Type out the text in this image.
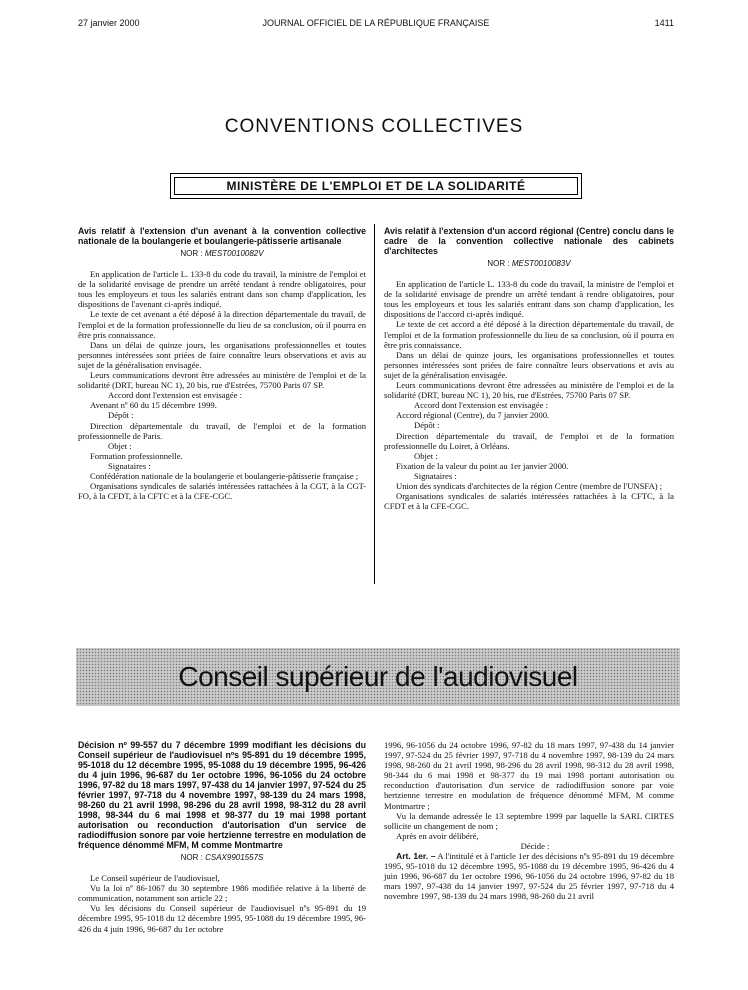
27 janvier 2000	JOURNAL OFFICIEL DE LA RÉPUBLIQUE FRANÇAISE	1411
CONVENTIONS COLLECTIVES
MINISTÈRE DE L'EMPLOI ET DE LA SOLIDARITÉ
Avis relatif à l'extension d'un avenant à la convention collective nationale de la boulangerie et boulangerie-pâtisserie artisanale
NOR : MEST0010082V

En application de l'article L. 133-8 du code du travail, la ministre de l'emploi et de la solidarité envisage de prendre un arrêté tendant à rendre obligatoires, pour tous les employeurs et tous les salariés entrant dans son champ d'application, les dispositions de l'avenant ci-après indiqué.

Le texte de cet avenant a été déposé à la direction départementale du travail, de l'emploi et de la formation professionnelle du lieu de sa conclusion, où il pourra en être pris connaissance.

Dans un délai de quinze jours, les organisations professionnelles et toutes personnes intéressées sont priées de faire connaître leurs observations et avis au sujet de la généralisation envisagée.

Leurs communications devront être adressées au ministère de l'emploi et de la solidarité (DRT, bureau NC 1), 20 bis, rue d'Estrées, 75700 Paris 07 SP.

Accord dont l'extension est envisagée :

Avenant nº 60 du 15 décembre 1999.

Dépôt :

Direction départementale du travail, de l'emploi et de la formation professionnelle de Paris.

Objet :

Formation professionnelle.

Signataires :

Confédération nationale de la boulangerie et boulangerie-pâtisserie française ;

Organisations syndicales de salariés intéressées rattachées à la CGT, à la CGT-FO, à la CFDT, à la CFTC et à la CFE-CGC.

Avis relatif à l'extension d'un accord régional (Centre) conclu dans le cadre de la convention collective nationale des cabinets d'architectes
NOR : MEST0010083V

En application de l'article L. 133-8 du code du travail, la ministre de l'emploi et de la solidarité envisage de prendre un arrêté tendant à rendre obligatoires, pour tous les employeurs et tous les salariés entrant dans son champ d'application, les dispositions de l'accord ci-après indiqué.

Le texte de cet accord a été déposé à la direction départementale du travail, de l'emploi et de la formation professionnelle du lieu de sa conclusion, où il pourra en être pris connaissance.

Dans un délai de quinze jours, les organisations professionnelles et toutes personnes intéressées sont priées de faire connaître leurs observations et avis au sujet de la généralisation envisagée.

Leurs communications devront être adressées au ministère de l'emploi et de la solidarité (DRT, bureau NC 1), 20 bis, rue d'Estrées, 75700 Paris 07 SP.

Accord dont l'extension est envisagée :

Accord régional (Centre), du 7 janvier 2000.

Dépôt :

Direction départementale du travail, de l'emploi et de la formation professionnelle du Loiret, à Orléans.

Objet :

Fixation de la valeur du point au 1er janvier 2000.

Signataires :

Union des syndicats d'architectes de la région Centre (membre de l'UNSFA) ;

Organisations syndicales de salariés intéressées rattachées à la CFTC, à la CFDT et à la CFE-CGC.

Conseil supérieur de l'audiovisuel
Décision nº 99-557 du 7 décembre 1999 modifiant les décisions du Conseil supérieur de l'audiovisuel nºs 95-891 du 19 décembre 1995, 95-1018 du 12 décembre 1995, 95-1088 du 19 décembre 1995, 96-426 du 4 juin 1996, 96-687 du 1er octobre 1996, 96-1056 du 24 octobre 1996, 97-82 du 18 mars 1997, 97-438 du 14 janvier 1997, 97-524 du 25 février 1997, 97-718 du 4 novembre 1997, 98-139 du 24 mars 1998, 98-260 du 21 avril 1998, 98-296 du 28 avril 1998, 98-312 du 28 avril 1998, 98-344 du 6 mai 1998 et 98-377 du 19 mai 1998 portant autorisation ou reconduction d'autorisation d'un service de radiodiffusion sonore par voie hertzienne terrestre en modulation de fréquence dénommé MFM, M comme Montmartre
NOR : CSAX9901557S

Le Conseil supérieur de l'audiovisuel,

Vu la loi nº 86-1067 du 30 septembre 1986 modifiée relative à la liberté de communication, notamment son article 22 ;

Vu les décisions du Conseil supérieur de l'audiovisuel nºs 95-891 du 19 décembre 1995, 95-1018 du 12 décembre 1995, 95-1088 du 19 décembre 1995, 96-426 du 4 juin 1996, 96-687 du 1er octobre

1996, 96-1056 du 24 octobre 1996, 97-82 du 18 mars 1997, 97-438 du 14 janvier 1997, 97-524 du 25 février 1997, 97-718 du 4 novembre 1997, 98-139 du 24 mars 1998, 98-260 du 21 avril 1998, 98-296 du 28 avril 1998, 98-312 du 28 avril 1998, 98-344 du 6 mai 1998 et 98-377 du 19 mai 1998 portant autorisation ou reconduction d'autorisation d'un service de radiodiffusion sonore par voie hertzienne terrestre en modulation de fréquence dénommé MFM, M comme Montmartre ;

Vu la demande adressée le 13 septembre 1999 par laquelle la SARL CIRTES sollicite un changement de nom ;

Après en avoir délibéré,

Décide :

Art. 1er. – A l'intitulé et à l'article 1er des décisions nºs 95-891 du 19 décembre 1995, 95-1018 du 12 décembre 1995, 95-1088 du 19 décembre 1995, 96-426 du 4 juin 1996, 96-687 du 1er octobre 1996, 96-1056 du 24 octobre 1996, 97-82 du 18 mars 1997, 97-438 du 14 janvier 1997, 97-524 du 25 février 1997, 97-718 du 4 novembre 1997, 98-139 du 24 mars 1998, 98-260 du 21 avril
